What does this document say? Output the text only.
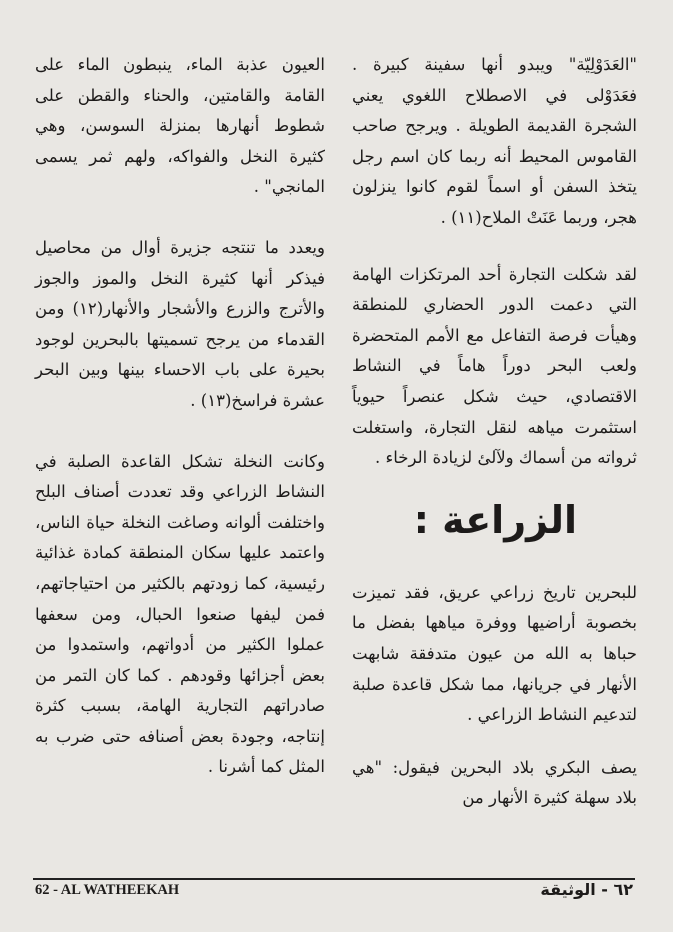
"العَدَوْلِيّة" ويبدو أنها سفينة كبيرة . فعَدَوْلى في الاصطلاح اللغوي يعني الشجرة القديمة الطويلة . ويرجح صاحب القاموس المحيط أنه ربما كان اسم رجل يتخذ السفن أو اسماً لقوم كانوا ينزلون هجر، وربما عَنَتْ الملاح(١١) .

لقد شكلت التجارة أحد المرتكزات الهامة التي دعمت الدور الحضاري للمنطقة وهيأت فرصة التفاعل مع الأمم المتحضرة ولعب البحر دوراً هاماً في النشاط الاقتصادي، حيث شكل عنصراً حيوياً استثمرت مياهه لنقل التجارة، واستغلت ثرواته من أسماك ولآلئ لزيادة الرخاء .

الزراعة :

للبحرين تاريخ زراعي عريق، فقد تميزت بخصوبة أراضيها ووفرة مياهها بفضل ما حباها به الله من عيون متدفقة شابهت الأنهار في جريانها، مما شكل قاعدة صلبة لتدعيم النشاط الزراعي .

يصف البكري بلاد البحرين فيقول: "هي بلاد سهلة كثيرة الأنهار من

العيون عذبة الماء، ينبطون الماء على القامة والقامتين، والحناء والقطن على شطوط أنهارها بمنزلة السوسن، وهي كثيرة النخل والفواكه، ولهم ثمر يسمى المانجي" .

ويعدد ما تنتجه جزيرة أوال من محاصيل فيذكر أنها كثيرة النخل والموز والجوز والأترج والزرع والأشجار والأنهار(١٢) ومن القدماء من يرجح تسميتها بالبحرين لوجود بحيرة على باب الاحساء بينها وبين البحر عشرة فراسخ(١٣) .

وكانت النخلة تشكل القاعدة الصلبة في النشاط الزراعي وقد تعددت أصناف البلح واختلفت ألوانه وصاغت النخلة حياة الناس، واعتمد عليها سكان المنطقة كمادة غذائية رئيسية، كما زودتهم بالكثير من احتياجاتهم، فمن ليفها صنعوا الحبال، ومن سعفها عملوا الكثير من أدواتهم، واستمدوا من بعض أجزائها وقودهم . كما كان التمر من صادراتهم التجارية الهامة، بسبب كثرة إنتاجه، وجودة بعض أصنافه حتى ضرب به المثل كما أشرنا .

62 - AL WATHEEKAH	٦٢ - الوثيقة
